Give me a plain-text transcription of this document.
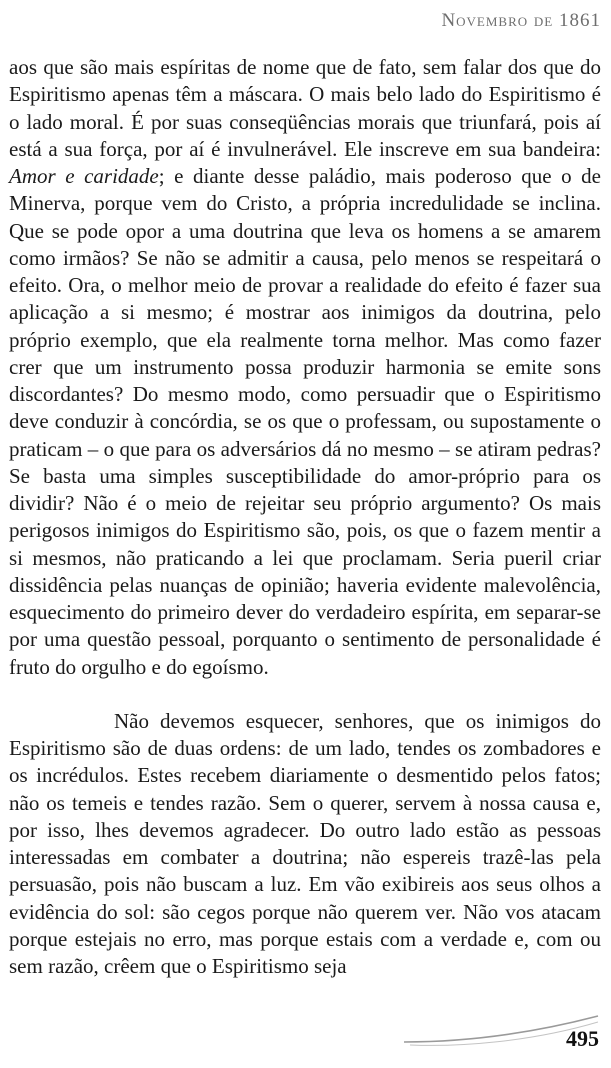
Novembro de 1861

aos que são mais espíritas de nome que de fato, sem falar dos que do Espiritismo apenas têm a máscara. O mais belo lado do Espiritismo é o lado moral. É por suas conseqüências morais que triunfará, pois aí está a sua força, por aí é invulnerável. Ele inscreve em sua bandeira: Amor e caridade; e diante desse paládio, mais poderoso que o de Minerva, porque vem do Cristo, a própria incredulidade se inclina. Que se pode opor a uma doutrina que leva os homens a se amarem como irmãos? Se não se admitir a causa, pelo menos se respeitará o efeito. Ora, o melhor meio de provar a realidade do efeito é fazer sua aplicação a si mesmo; é mostrar aos inimigos da doutrina, pelo próprio exemplo, que ela realmente torna melhor. Mas como fazer crer que um instrumento possa produzir harmonia se emite sons discordantes? Do mesmo modo, como persuadir que o Espiritismo deve conduzir à concórdia, se os que o professam, ou supostamente o praticam – o que para os adversários dá no mesmo – se atiram pedras? Se basta uma simples susceptibilidade do amor-próprio para os dividir? Não é o meio de rejeitar seu próprio argumento? Os mais perigosos inimigos do Espiritismo são, pois, os que o fazem mentir a si mesmos, não praticando a lei que proclamam. Seria pueril criar dissidência pelas nuanças de opinião; haveria evidente malevolência, esquecimento do primeiro dever do verdadeiro espírita, em separar-se por uma questão pessoal, porquanto o sentimento de personalidade é fruto do orgulho e do egoísmo.

Não devemos esquecer, senhores, que os inimigos do Espiritismo são de duas ordens: de um lado, tendes os zombadores e os incrédulos. Estes recebem diariamente o desmentido pelos fatos; não os temeis e tendes razão. Sem o querer, servem à nossa causa e, por isso, lhes devemos agradecer. Do outro lado estão as pessoas interessadas em combater a doutrina; não espereis trazê-las pela persuasão, pois não buscam a luz. Em vão exibireis aos seus olhos a evidência do sol: são cegos porque não querem ver. Não vos atacam porque estejais no erro, mas porque estais com a verdade e, com ou sem razão, crêem que o Espiritismo seja

495
